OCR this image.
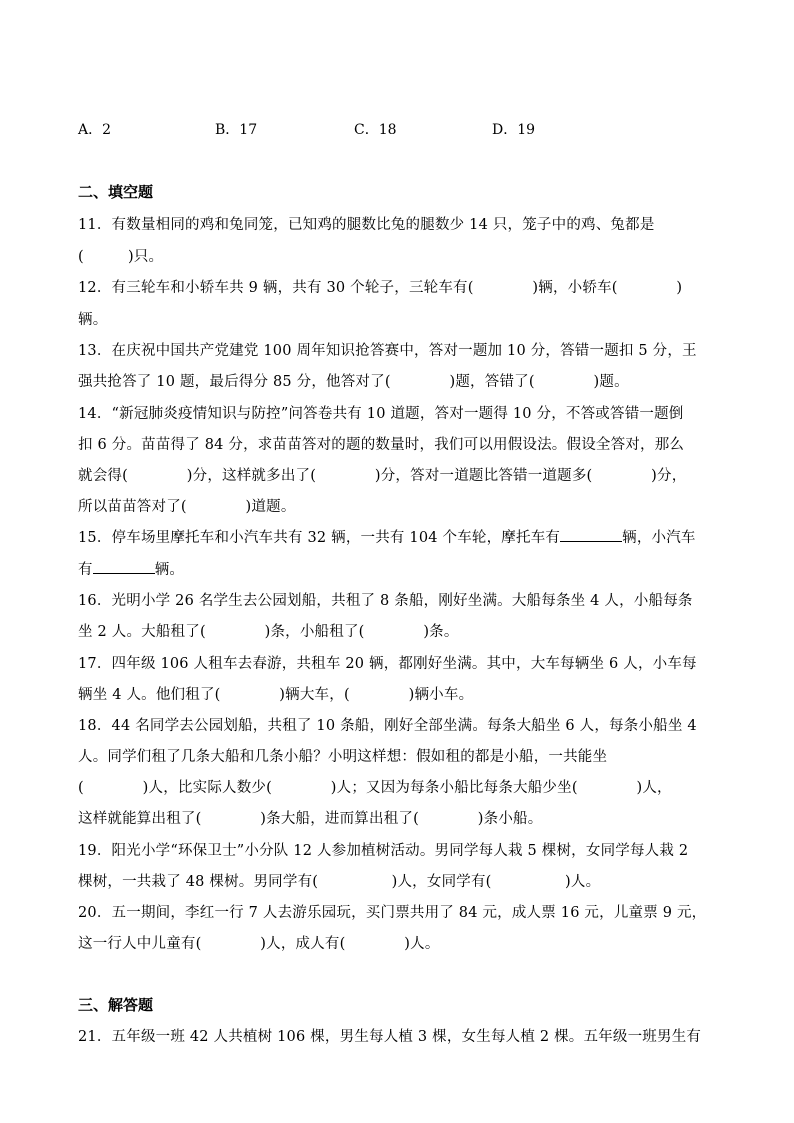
A．2	B．17	C．18	D．19
二、填空题
11．有数量相同的鸡和兔同笼，已知鸡的腿数比兔的腿数少 14 只，笼子中的鸡、兔都是
(　　　)只。
12．有三轮车和小轿车共 9 辆，共有 30 个轮子，三轮车有(　　　　)辆，小轿车(　　　　)
辆。
13．在庆祝中国共产党建党 100 周年知识抢答赛中，答对一题加 10 分，答错一题扣 5 分，王
强共抢答了 10 题，最后得分 85 分，他答对了(　　　　)题，答错了(　　　　)题。
14．“新冠肺炎疫情知识与防控”问答卷共有 10 道题，答对一题得 10 分，不答或答错一题倒
扣 6 分。苗苗得了 84 分，求苗苗答对的题的数量时，我们可以用假设法。假设全答对，那么
就会得(　　　　)分，这样就多出了(　　　　)分，答对一道题比答错一道题多(　　　　)分，
所以苗苗答对了(　　　　)道题。
15．停车场里摩托车和小汽车共有 32 辆，一共有 104 个车轮，摩托车有	辆，小汽车
有	辆。
16．光明小学 26 名学生去公园划船，共租了 8 条船，刚好坐满。大船每条坐 4 人，小船每条
坐 2 人。大船租了(　　　　)条，小船租了(　　　　)条。
17．四年级 106 人租车去春游，共租车 20 辆，都刚好坐满。其中，大车每辆坐 6 人，小车每
辆坐 4 人。他们租了(　　　　)辆大车，(　　　　)辆小车。
18．44 名同学去公园划船，共租了 10 条船，刚好全部坐满。每条大船坐 6 人，每条小船坐 4
人。同学们租了几条大船和几条小船？小明这样想：假如租的都是小船，一共能坐
(　　　　)人，比实际人数少(　　　　)人；又因为每条小船比每条大船少坐(　　　　)人，
这样就能算出租了(　　　　)条大船，进而算出租了(　　　　)条小船。
19．阳光小学“环保卫士”小分队 12 人参加植树活动。男同学每人栽 5 棵树，女同学每人栽 2
棵树，一共栽了 48 棵树。男同学有(　　　　　)人，女同学有(　　　　　)人。
20．五一期间，李红一行 7 人去游乐园玩，买门票共用了 84 元，成人票 16 元，儿童票 9 元，
这一行人中儿童有(　　　　)人，成人有(　　　　)人。
三、解答题
21．五年级一班 42 人共植树 106 棵，男生每人植 3 棵，女生每人植 2 棵。五年级一班男生有
